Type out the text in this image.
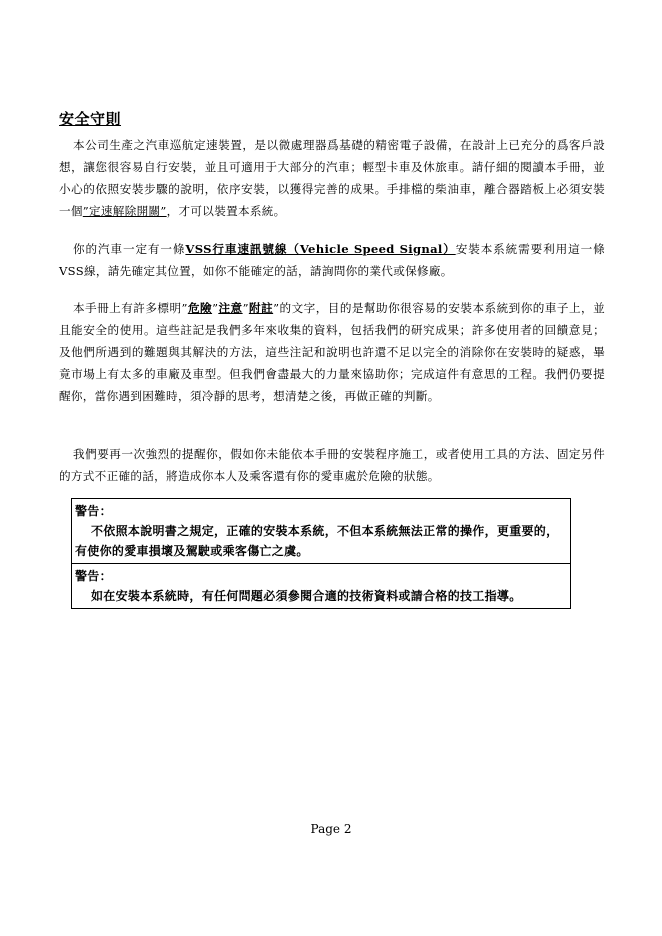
安全守則

本公司生產之汽車巡航定速裝置，是以微處理器爲基礎的精密電子設備，在設計上已充分的爲客戶設想，讓您很容易自行安裝，並且可適用于大部分的汽車；輕型卡車及休旅車。請仔細的閱讀本手冊，並小心的依照安裝步驟的說明，依序安裝，以獲得完善的成果。手排檔的柴油車，離合器踏板上必須安裝一個”定速解除開關”，才可以裝置本系統。

你的汽車一定有一條VSS行車速訊號線（Vehicle Speed Signal）安裝本系統需要利用這一條VSS線，請先確定其位置，如你不能確定的話，請詢問你的業代或保修廠。

本手冊上有許多標明”危險”注意”附註”的文字，目的是幫助你很容易的安裝本系統到你的車子上，並且能安全的使用。這些註記是我們多年來收集的資料，包括我們的研究成果；許多使用者的回饋意見；及他們所遇到的難題與其解決的方法，這些注記和說明也許還不足以完全的消除你在安裝時的疑惑，畢竟市場上有太多的車廠及車型。但我們會盡最大的力量來協助你；完成這件有意思的工程。我們仍要提醒你，當你遇到困難時，須冷靜的思考，想清楚之後，再做正確的判斷。

我們要再一次強烈的提醒你，假如你未能依本手冊的安裝程序施工，或者使用工具的方法、固定另件的方式不正確的話，將造成你本人及乘客還有你的愛車處於危險的狀態。

警告：
不依照本說明書之規定，正確的安裝本系統，不但本系統無法正常的操作，更重要的，有使你的愛車損壞及駕駛或乘客傷亡之虞。
警告：
如在安裝本系統時，有任何問題必須參閱合適的技術資料或請合格的技工指導。
Page 2
